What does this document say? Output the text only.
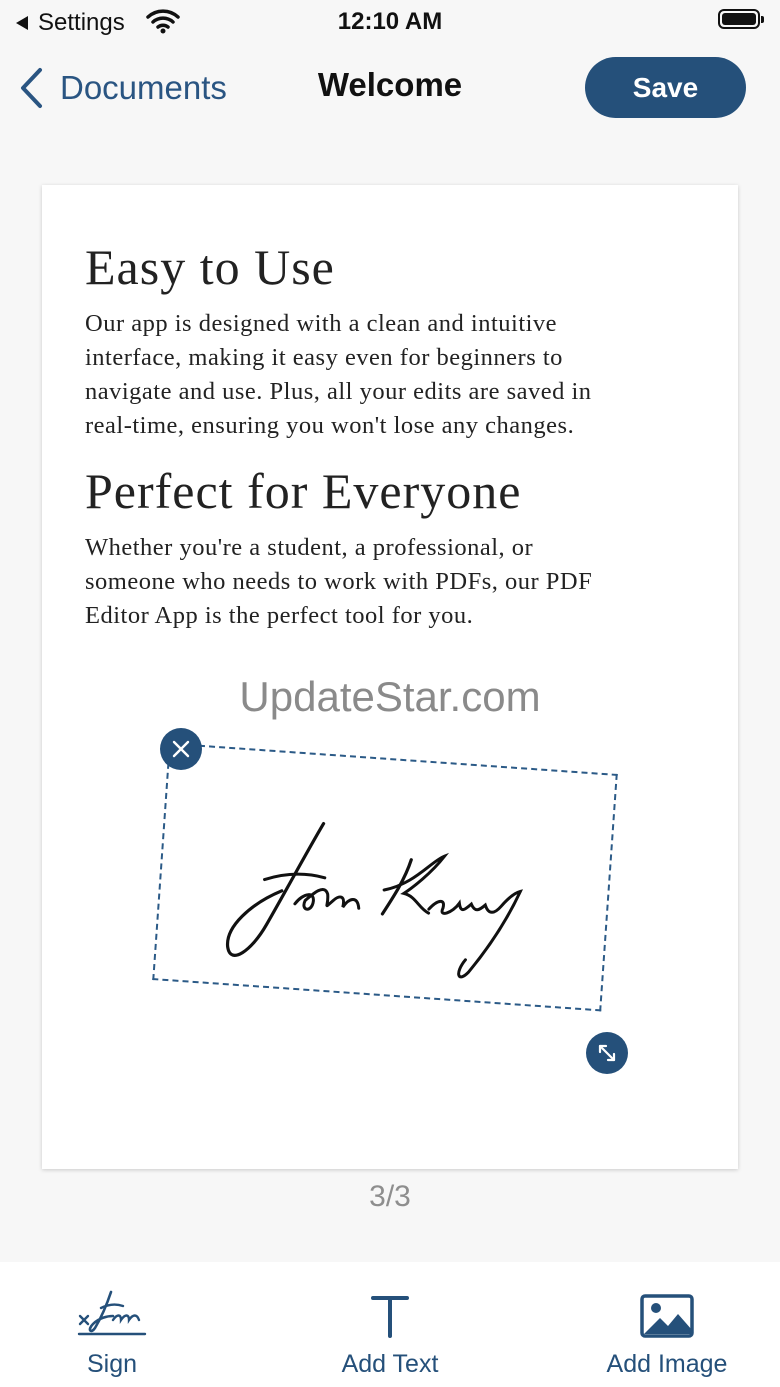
Settings	12:10 AM
Documents	Welcome	Save
Easy to Use

Our app is designed with a clean and intuitive
interface, making it easy even for beginners to
navigate and use. Plus, all your edits are saved in
real-time, ensuring you won't lose any changes.

Perfect for Everyone

Whether you're a student, a professional, or
someone who needs to work with PDFs, our PDF
Editor App is the perfect tool for you.

UpdateStar.com
3/3
Sign	Add Text	Add Image
